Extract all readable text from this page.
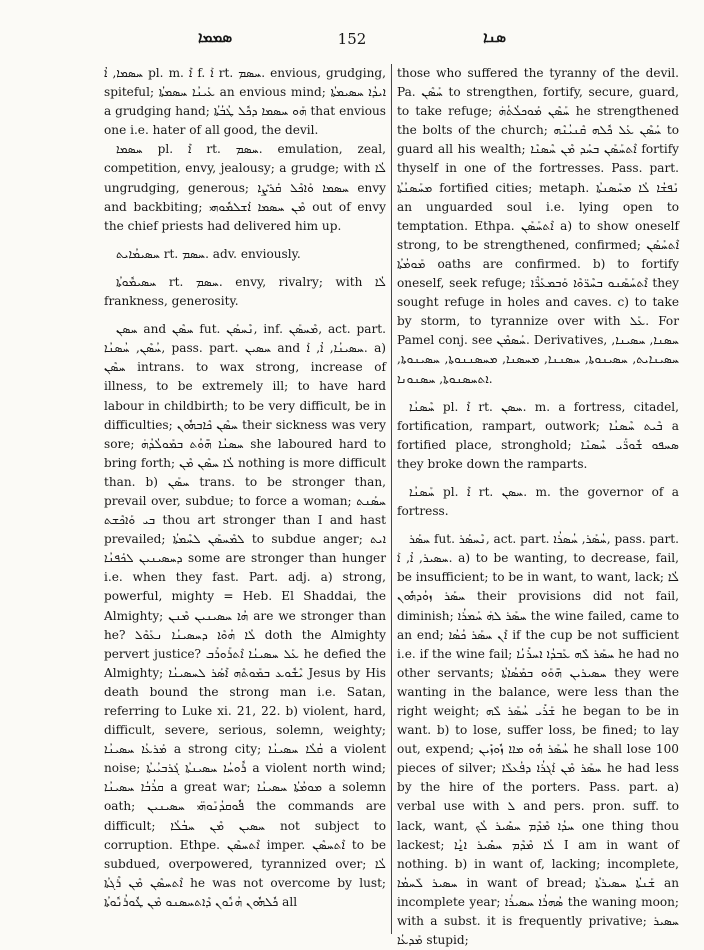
ܣܡܡܐ	152	ܣܢܐ

ܚܣܡܐ, ܐܳ pl. m. ܐܶ f. ܐܰ rt. ܚܣܡ. envious, grudging, spiteful; ܥܰܝܢܳܐ ܚܣܡܬܳܐ an envious mind; ܐܝܕܳܐ ܚܣܝܡܬܳܐ a grudging hand; ܗܰܘ ܚܣܡܐ ܕܟܽܠ ܛܳܒܳܬܳܐ that envious one i.e. hater of all good, the devil.

ܚܣܡܐ pl. ܐܶ rt. ܚܣܡ. emulation, zeal, competition, envy, jealousy; a grudge; with ܠܳܐ ungrudging, generous; ܚܣܡܐ ܘܰܐܟܶܠ ܩܰܪܨܶܐ envy and backbiting; ܡܶܢ ܚܣܡܐ ܐܰܫܠܡܽܘܗܝ out of envy the chief priests had delivered him up.

ܚܣܝܡܳܐܝܬ rt. ܚܣܡ. adv. enviously.

ܚܣܝܡܽܘܬܳܐ rt. ܚܣܡ. envy, rivalry; with ܠܳܐ frankness, generosity.

ܚܣܢ and ܚܣܶܢ fut. ܢܶܚܣܰܢ, inf. ܡܶܚܣܰܢ, act. part. ܚܳܣܶܢ, ܚܳܣܢܳܐ, pass. part. ܚܣܝܢ and ܚܣܝܢܳܐ, ܐܳ, ܐܰ. a) ܚܣܶܢ intrans. to wax strong, increase of illness, to be extremely ill; to have hard labour in childbirth; to be very difficult, be in difficulties; ܚܣܶܢ ܟܶܐܒܗܽܘܢ their sickness was very sore; ܚܣܢܳܐ ܗ̄ܘܳܬ ܒܡܰܘܠܳܕܳܗ̇ she laboured hard to bring forth; ܠܳܐ ܚܣܶܢ ܡܶܢ nothing is more difficult than. b) ܚܣܰܢ trans. to be stronger than, prevail over, subdue; to force a woman; ܚܣܰܢܬ ܒܝ ܘܰܐܟܶܫܬ thou art stronger than I and hast prevailed; ܠܡܶܚܣܰܢ ܠܚܶܡܬܳܐ to subdue anger; ܐܝܬ ܕܚܣܝܢܝܢ ܠܟܰܦܢܳܐ some are stronger than hunger i.e. when they fast. Part. adj. a) strong, powerful, mighty = Heb. El Shaddai, the Almighty; ܗܳܐ ܚܣܝܢܝܢ ܡܶܢܢ are we stronger than he? ܠܳܐ ܗܳܘܶܐ ܕܚܣܝܢܳܐ ܢܥܰܘܶܠ doth the Almighty pervert justice? ܥܰܠ ܚܣܝܢܳܐ ܐܶܬܪܰܘܪܰܒ he defied the Almighty; ܝܶܫܽܘܥ ܒܡܰܘܬܶܗ ܐܶܣܰܪ ܠܚܣܝܢܳܐ Jesus by His death bound the strong man i.e. Satan, referring to Luke xi. 21, 22. b) violent, hard, difficult, severe, serious, solemn, weighty; ܡܰܪܥܳܐ ܚܣܝܢܳܐ a strong city; ܩܳܠܳܐ ܚܣܝܢܳܐ a violent noise; ܪܽܘܚܳܐ ܚܣܝܢܬܳܐ ܓܰܪܒܝܳܝܬܳܐ a violent north wind; ܩܪܳܒܳܐ ܚܣܝܢܳܐ a great war; ܡܘܡܳܬܳܐ ܚܣܝܢܳܐ a solemn oath; ܦܽܘܩܕܳܢܰܘܗ̈ܝ ܚܣܝܢܝܢ the commands are difficult; ܚܣܝܢ ܡܶܢ ܚܒܳܠܳܐ not subject to corruption. Ethpe. ܐܶܬܚܣܶܢ imper. ܐܶܬܚܣܶܢ to be subdued, overpowered, tyrannized over; ܠܳܐ ܐܶܬܚܣܶܢ ܡܶܢ ܪܶܓܬܳܐ he was not overcome by lust; ܟܽܠܗܽܘܢ ܗܳܢܽܘܢ ܕܶܐܬܚܣܢܘ ܡܶܢ ܛܽܘܪܳܢܽܘܬܳܐ all

those who suffered the tyranny of the devil. Pa. ܚܰܣܶܢ to strengthen, fortify, secure, guard, to take refuge; ܚܰܣܶܢ ܡܰܘܟܠܳܬܳܗ̇ he strengthened the bolts of the church; ܚܰܣܶܢ ܥܰܠ ܟܽܠܗ ܩܶܢܝܳܢܶܗ to guard all his wealth; ܐܶܬܚܰܣܰܢ ܒܚܰܕ ܡܶܢ ܚܶܣܢܶܐ fortify thyself in one of the fortresses. Pass. part. ܡܚܰܣܢܳܬܳܐ fortified cities; metaph. ܢܰܦܫܳܐ ܠܳܐ ܡܚܰܣܢܬܳܐ an unguarded soul i.e. lying open to temptation. Ethpa. ܐܶܬܚܰܣܰܢ a) to show oneself strong, to be strengthened, confirmed; ܐܶܬܚܰܣܰܢ ܡܰܘܡܳܬܳܐ oaths are confirmed. b) to fortify oneself, seek refuge; ܐܶܬܚܰܣܰܢܘ ܒܚܶܪ̈ܘܶܐ ܘܰܒܡܥܰܪ̈ܶܐ they sought refuge in holes and caves. c) to take by storm, to tyrannize over with ܥܰܠ. For Pamel conj. see ܚܰܣܡܶܢ. Derivatives, ܚܣܢܐ, ܚܣܝܢܐ, ܚܣܝܢܐܝܬ, ܚܣܝܢܘܬܐ, ܚܣܢܢܐ, ܡܚܣܢܐ, ܡܚܣܢܢܘܬܐ, ܚܣܝܢܘܬܐ, ܐܬܚܣܢܘܬܐ, ܚܣܢܘܢܐ.

ܚܶܣܢܳܐ pl. ܐܶ rt. ܚܣܢ. m. a fortress, citadel, fortification, rampart, outwork; ܒܶܝܬ ܚܶܣܢܳܐ a fortified place, stronghold; ܣܚܦܘ ܫܽܘܪ̈ܰܝ ܚܶܣܢܶܐ they broke down the ramparts.

ܚܰܣܢܳܐ pl. ܐܶ rt. ܚܣܢ. m. the governor of a fortress.

ܚܣܰܪ fut. ܢܶܚܣܰܪ, act. part. ܚܳܣܰܪ, ܚܳܣܪܳܐ, pass. part. ܚܣܝܪ, ܐܳ, ܐܰ. a) to be wanting, to decrease, fail, be insufficient; to be in want, to want, lack; ܠܳܐ ܚܣܰܪ ܙܘܳܕܗܽܘܢ their provisions did not fail, diminish; ܚܣܰܪ ܠܗ̇ ܚܰܡܪܳܐ the wine failed, came to an end; ܐܶܢ ܚܣܰܪ ܟܳܣܳܐ if the cup be not sufficient i.e. if the wine fail; ܚܣܰܪ ܠܶܗ ܥܰܒܕܳܐ ܐܚܪܺܢܳܐ he had no other servants; ܚܣܝܪܝܢ ܗ̄ܘܰܘ ܒܡܰܣܳܐܬܳܐ they were wanting in the balance, were less than the right weight; ܫܰܪܺܝ ܚܳܣܰܪ ܠܶܗ he began to be in want. b) to lose, suffer loss, be fined; to lay out, expend; ܚܳܣܰܪ ܗܽܘ ܡܐܐ ܙܽܘܙܺܝܢ he shall lose 100 pieces of silver; ܚܣܰܪ ܡܶܢ ܐܰܓܪܳܐ ܕܦܳܥܠܶܐ he had less by the hire of the porters. Pass. part. a) verbal use with ܠ and pers. pron. suff. to lack, want, ܚܕܳܐ ܡܶܕܶܡ ܚܣܺܝܪ ܠܳܟ one thing thou lackest; ܠܳܐ ܡܶܕܶܡ ܚܣܺܝܪ ܐ̱ܢܳܐ I am in want of nothing. b) in want of, lacking; incomplete, ܚܣܝܪ ܠܰܚܡܳܐ in want of bread; ܫܰܢܬܳܐ ܚܣܝܪܬܳܐ an incomplete year; ܣܳܗܪܳܐ ܚܣܝܪܳܐ the waning moon; with a subst. it is frequently privative; ܚܣܝܪ ܡܰܕܥܳܐ stupid;
